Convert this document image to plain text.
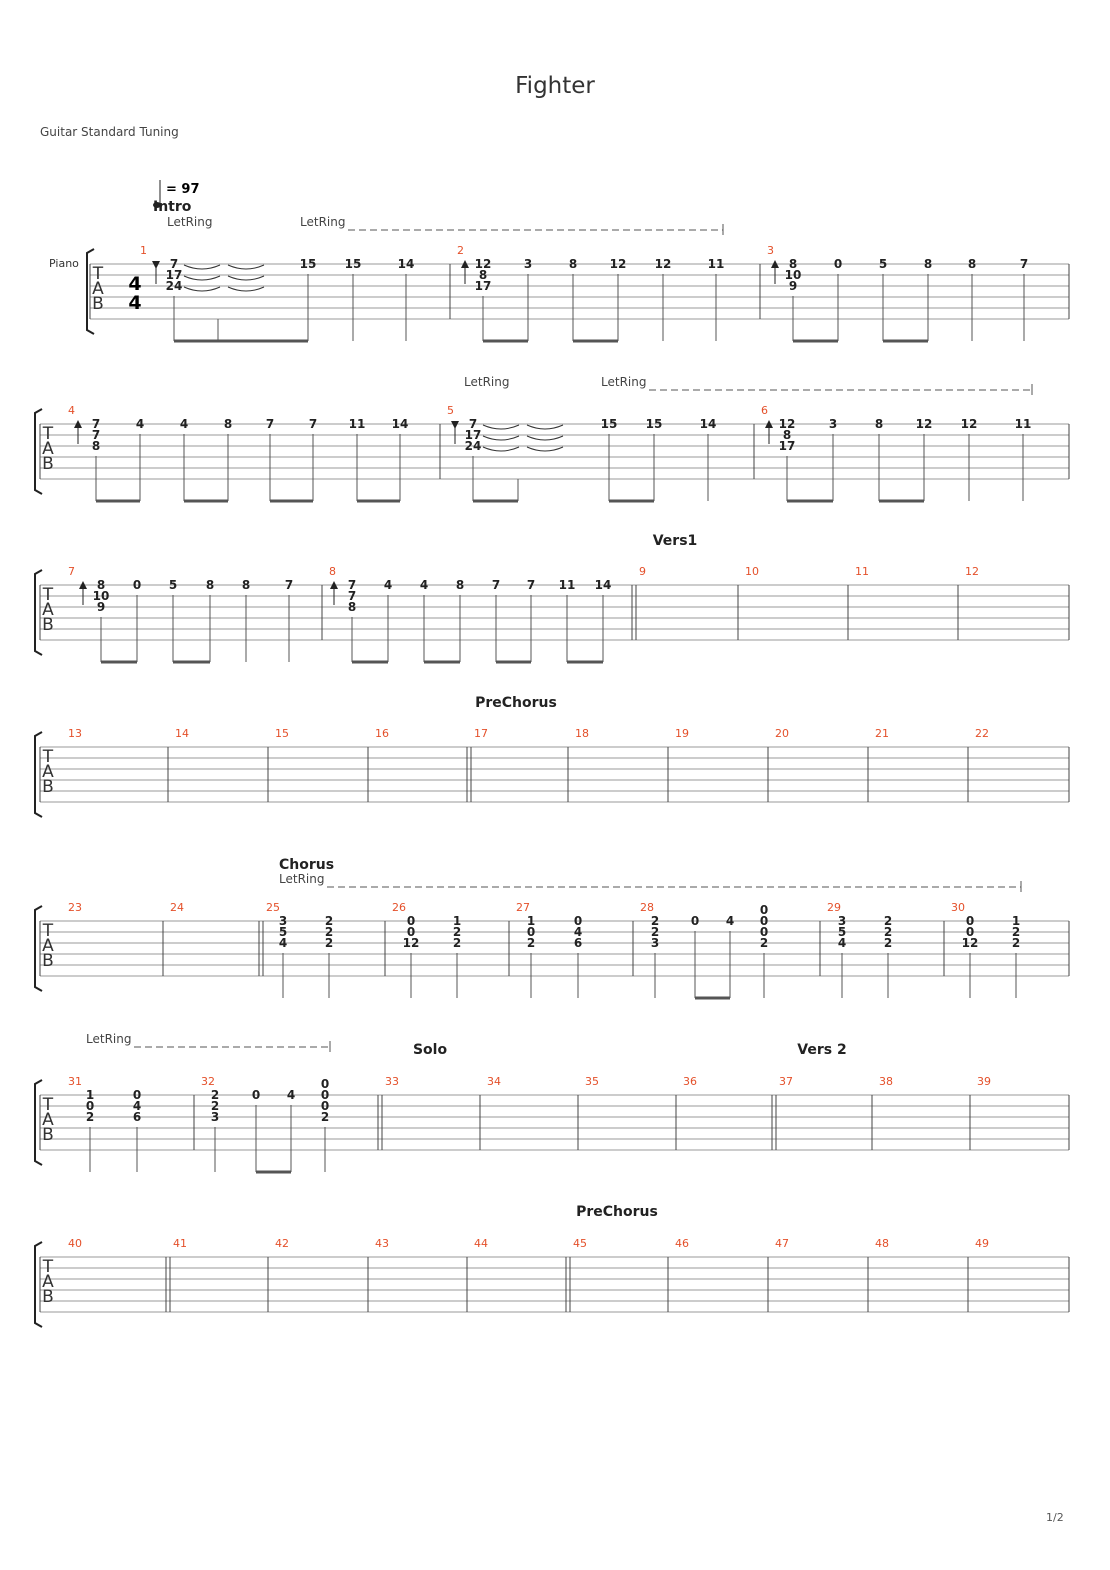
Fighter
Guitar Standard Tuning
1/2
Piano
T
A
B
4
4
= 97
1	2	3
Intro
LetRing	LetRing
7
17
24
15 15	14	12
8
17
3	8	12 12	11	8
10
9
0	5	8	8	7
T
A
B
4	5	6
LetRing	LetRing
7
7
8
4	4	8	7	7	11 14	7
17
24
15 15	14	12
8
17
3	8	12 12	11
T
A
B
7	8	9	10	11	12
Vers1
8
10
9
0 5 8 8	7	7
7
8
4 4 8 7 7 11 14
T
A
B
13	14	15	16	17	18	19	20	21	22
PreChorus
T
A
B
23	24	25	26	27	28	29	30
Chorus
LetRing
3
5
4
2
2
2
0
0
12
1
2
2
1
0
2
0
4
6
2
2
3
0 4
0
0
0
2
3
5
4
2
2
2
0
0
12
1
2
2
T
A
B
31	32	33	34	35	36	37	38	39
Solo	Vers 2
LetRing
1
0
2
0
4
6
2
2
3
0 4
0
0
0
2
T
A
B
40	41	42	43	44	45	46	47	48	49
PreChorus
